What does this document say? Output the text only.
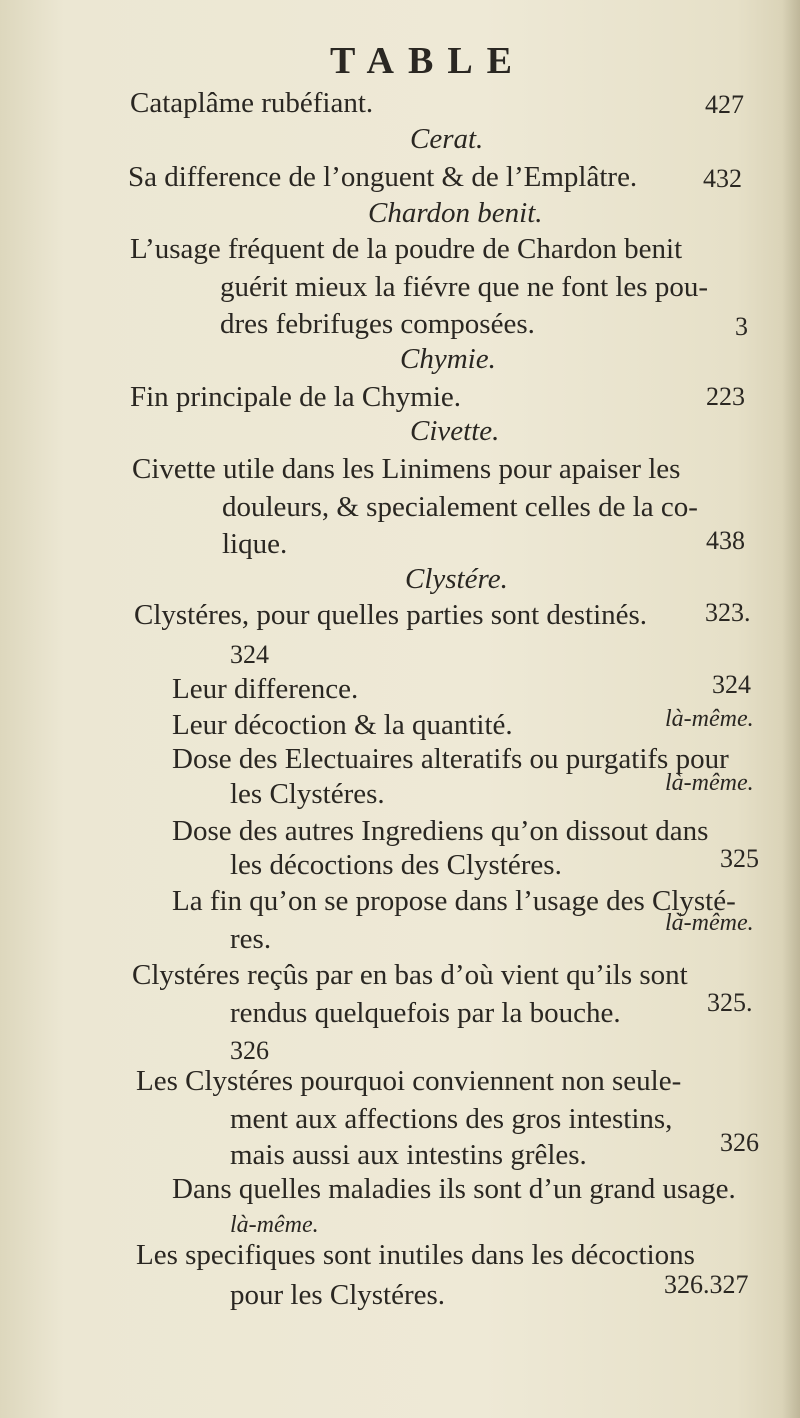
TABLE
Cataplâme rubéfiant.	427
Cerat.
Sa difference de l’onguent & de l’Emplâtre.	432
Chardon benit.
L’usage fréquent de la poudre de Chardon benit
guérit mieux la fiévre que ne font les pou-
dres febrifuges composées.	3
Chymie.
Fin principale de la Chymie.	223
Civette.
Civette utile dans les Linimens pour apaiser les
douleurs, & specialement celles de la co-
lique.	438
Clystére.
Clystéres, pour quelles parties sont destinés. 323.
324
Leur difference.	324
Leur décoction & la quantité.	là-même.
Dose des Electuaires alteratifs ou purgatifs pour
les Clystéres.	là-même.
Dose des autres Ingrediens qu’on dissout dans
les décoctions des Clystéres.	325
La fin qu’on se propose dans l’usage des Clysté-
res.	là-même.
Clystéres reçûs par en bas d’où vient qu’ils sont
rendus quelquefois par la bouche.	325.
326
Les Clystéres pourquoi conviennent non seule-
ment aux affections des gros intestins,
mais aussi aux intestins grêles.	326
Dans quelles maladies ils sont d’un grand usage.
là-même.
Les specifiques sont inutiles dans les décoctions
pour les Clystéres.	326.327
